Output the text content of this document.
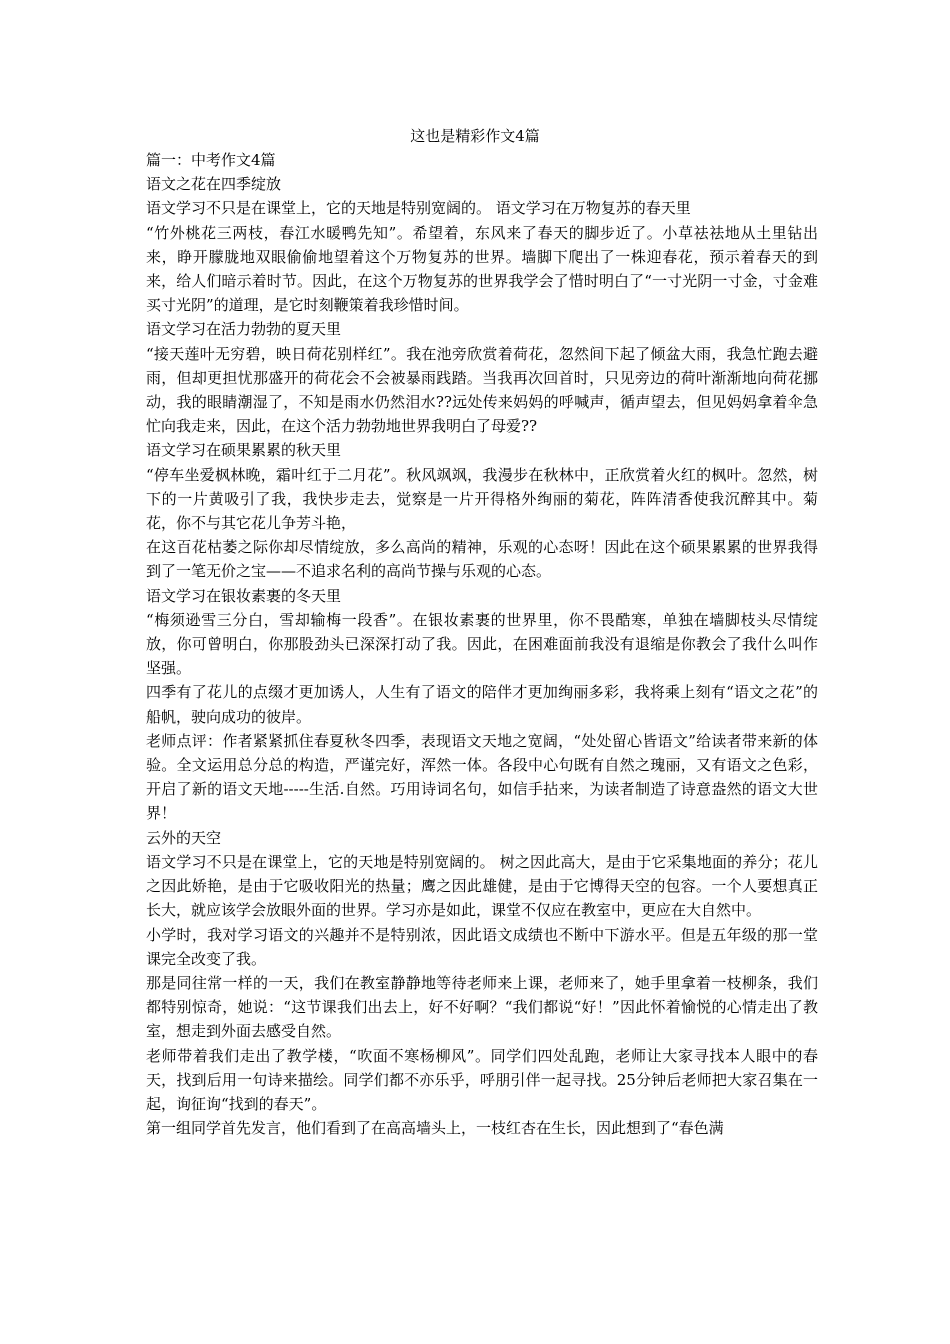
这也是精彩作文4篇

篇一：中考作文4篇

语文之花在四季绽放

语文学习不只是在课堂上，它的天地是特别宽阔的。 语文学习在万物复苏的春天里

“竹外桃花三两枝，春江水暖鸭先知”。希望着，东风来了春天的脚步近了。小草祛祛地从土里钻出来，睁开朦胧地双眼偷偷地望着这个万物复苏的世界。墙脚下爬出了一株迎春花，预示着春天的到来，给人们暗示着时节。因此，在这个万物复苏的世界我学会了惜时明白了“一寸光阴一寸金，寸金难买寸光阴”的道理，是它时刻鞭策着我珍惜时间。

语文学习在活力勃勃的夏天里

“接天莲叶无穷碧，映日荷花别样红”。我在池旁欣赏着荷花，忽然间下起了倾盆大雨，我急忙跑去避雨，但却更担忧那盛开的荷花会不会被暴雨践踏。当我再次回首时，只见旁边的荷叶渐渐地向荷花挪动，我的眼睛潮湿了，不知是雨水仍然泪水??远处传来妈妈的呼喊声，循声望去，但见妈妈拿着伞急忙向我走来，因此，在这个活力勃勃地世界我明白了母爱??

语文学习在硕果累累的秋天里

“停车坐爱枫林晚，霜叶红于二月花”。秋风飒飒，我漫步在秋林中，正欣赏着火红的枫叶。忽然，树下的一片黄吸引了我，我快步走去，觉察是一片开得格外绚丽的菊花，阵阵清香使我沉醉其中。菊花，你不与其它花儿争芳斗艳，

在这百花枯萎之际你却尽情绽放，多么高尚的精神，乐观的心态呀！因此在这个硕果累累的世界我得到了一笔无价之宝——不追求名利的高尚节操与乐观的心态。

语文学习在银妆素裹的冬天里

“梅须逊雪三分白，雪却输梅一段香”。在银妆素裹的世界里，你不畏酷寒，单独在墙脚枝头尽情绽放，你可曾明白，你那股劲头已深深打动了我。因此，在困难面前我没有退缩是你教会了我什么叫作坚强。

四季有了花儿的点缀才更加诱人，人生有了语文的陪伴才更加绚丽多彩，我将乘上刻有“语文之花”的船帆，驶向成功的彼岸。

老师点评：作者紧紧抓住春夏秋冬四季，表现语文天地之宽阔，“处处留心皆语文”给读者带来新的体验。全文运用总分总的构造，严谨完好，浑然一体。各段中心句既有自然之瑰丽，又有语文之色彩，开启了新的语文天地-----生活.自然。巧用诗词名句，如信手拈来，为读者制造了诗意盎然的语文大世界！

云外的天空

语文学习不只是在课堂上，它的天地是特别宽阔的。 树之因此高大，是由于它采集地面的养分；花儿之因此娇艳，是由于它吸收阳光的热量；鹰之因此雄健，是由于它博得天空的包容。一个人要想真正长大，就应该学会放眼外面的世界。学习亦是如此，课堂不仅应在教室中，更应在大自然中。

小学时，我对学习语文的兴趣并不是特别浓，因此语文成绩也不断中下游水平。但是五年级的那一堂课完全改变了我。

那是同往常一样的一天，我们在教室静静地等待老师来上课，老师来了，她手里拿着一枝柳条，我们都特别惊奇，她说：“这节课我们出去上，好不好啊？“我们都说“好！”因此怀着愉悦的心情走出了教室，想走到外面去感受自然。

老师带着我们走出了教学楼，“吹面不寒杨柳风”。同学们四处乱跑，老师让大家寻找本人眼中的春天，找到后用一句诗来描绘。同学们都不亦乐乎，呼朋引伴一起寻找。25分钟后老师把大家召集在一起，询征询“找到的春天”。

第一组同学首先发言，他们看到了在高高墙头上，一枝红杏在生长，因此想到了“春色满
